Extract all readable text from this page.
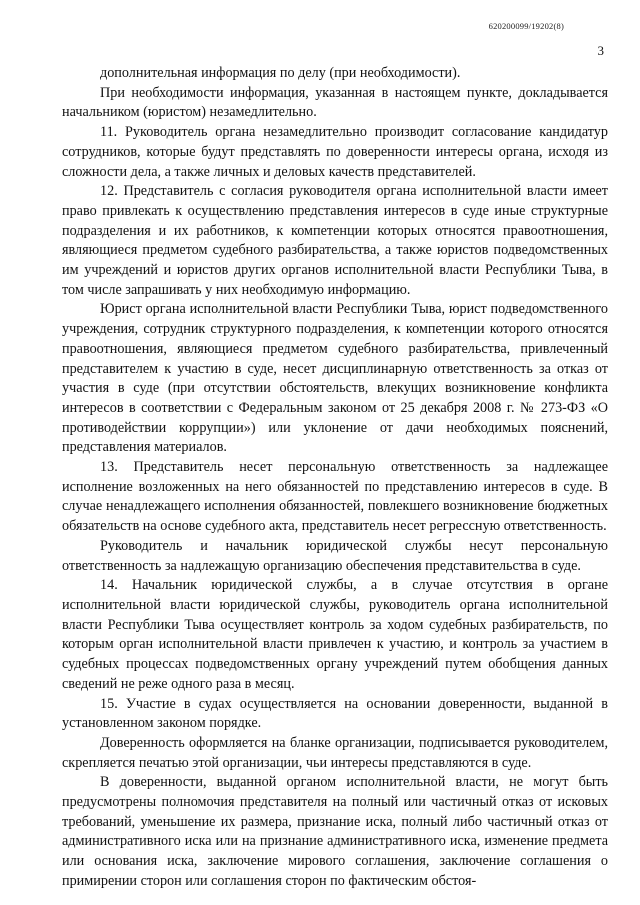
620200099/19202(8)
3

дополнительная информация по делу (при необходимости).

При необходимости информация, указанная в настоящем пункте, докладывается начальником (юристом) незамедлительно.

11. Руководитель органа незамедлительно производит согласование кандидатур сотрудников, которые будут представлять по доверенности интересы органа, исходя из сложности дела, а также личных и деловых качеств представителей.

12. Представитель с согласия руководителя органа исполнительной власти имеет право привлекать к осуществлению представления интересов в суде иные структурные подразделения и их работников, к компетенции которых относятся правоотношения, являющиеся предметом судебного разбирательства, а также юристов подведомственных им учреждений и юристов других органов исполнительной власти Республики Тыва, в том числе запрашивать у них необходимую информацию.

Юрист органа исполнительной власти Республики Тыва, юрист подведомственного учреждения, сотрудник структурного подразделения, к компетенции которого относятся правоотношения, являющиеся предметом судебного разбирательства, привлеченный представителем к участию в суде, несет дисциплинарную ответственность за отказ от участия в суде (при отсутствии обстоятельств, влекущих возникновение конфликта интересов в соответствии с Федеральным законом от 25 декабря 2008 г. № 273-ФЗ «О противодействии коррупции») или уклонение от дачи необходимых пояснений, представления материалов.

13. Представитель несет персональную ответственность за надлежащее исполнение возложенных на него обязанностей по представлению интересов в суде. В случае ненадлежащего исполнения обязанностей, повлекшего возникновение бюджетных обязательств на основе судебного акта, представитель несет регрессную ответственность.

Руководитель и начальник юридической службы несут персональную ответственность за надлежащую организацию обеспечения представительства в суде.

14. Начальник юридической службы, а в случае отсутствия в органе исполнительной власти юридической службы, руководитель органа исполнительной власти Республики Тыва осуществляет контроль за ходом судебных разбирательств, по которым орган исполнительной власти привлечен к участию, и контроль за участием в судебных процессах подведомственных органу учреждений путем обобщения данных сведений не реже одного раза в месяц.

15. Участие в судах осуществляется на основании доверенности, выданной в установленном законом порядке.

Доверенность оформляется на бланке организации, подписывается руководителем, скрепляется печатью этой организации, чьи интересы представляются в суде.

В доверенности, выданной органом исполнительной власти, не могут быть предусмотрены полномочия представителя на полный или частичный отказ от исковых требований, уменьшение их размера, признание иска, полный либо частичный отказ от административного иска или на признание административного иска, изменение предмета или основания иска, заключение мирового соглашения, заключение соглашения о примирении сторон или соглашения сторон по фактическим обстоя-
